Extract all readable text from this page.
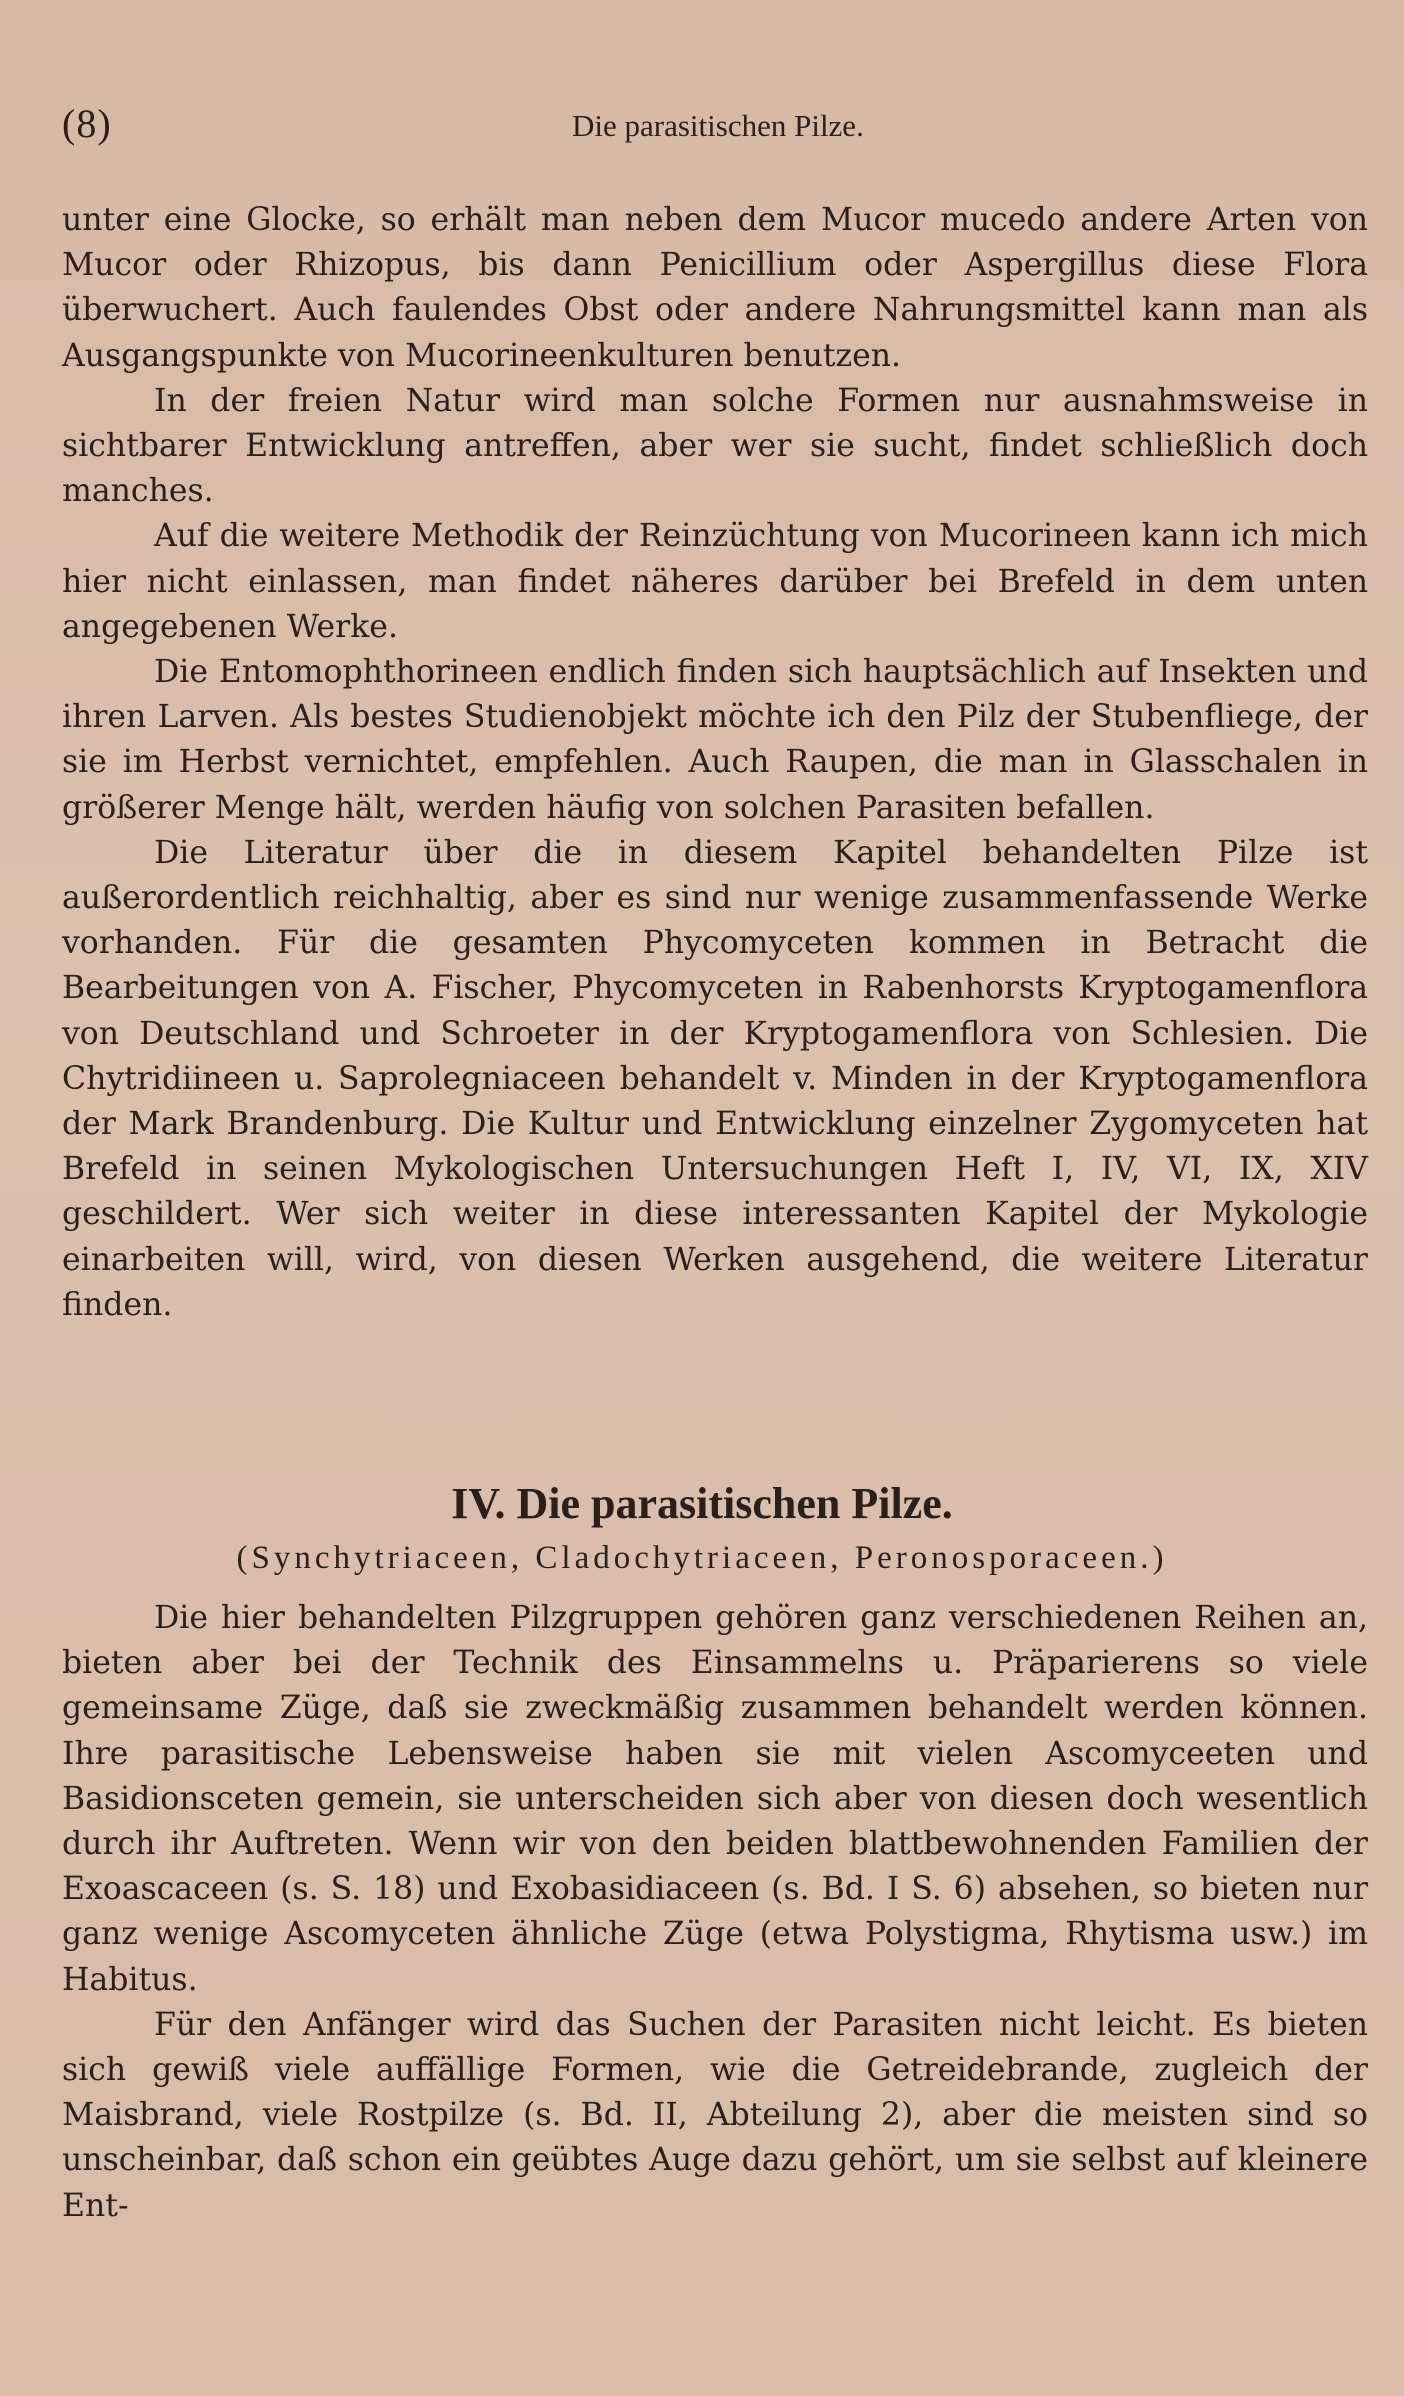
(8)	Die parasitischen Pilze.

unter eine Glocke, so erhält man neben dem Mucor mucedo andere Arten von Mucor oder Rhizopus, bis dann Penicillium oder Aspergillus diese Flora überwuchert. Auch faulendes Obst oder andere Nahrungsmittel kann man als Ausgangspunkte von Mucorineenkulturen benutzen.

In der freien Natur wird man solche Formen nur ausnahmsweise in sichtbarer Entwicklung antreffen, aber wer sie sucht, findet schließlich doch manches.

Auf die weitere Methodik der Reinzüchtung von Mucorineen kann ich mich hier nicht einlassen, man findet näheres darüber bei Brefeld in dem unten angegebenen Werke.

Die Entomophthorineen endlich finden sich hauptsächlich auf Insekten und ihren Larven. Als bestes Studienobjekt möchte ich den Pilz der Stubenfliege, der sie im Herbst vernichtet, empfehlen. Auch Raupen, die man in Glasschalen in größerer Menge hält, werden häufig von solchen Parasiten befallen.

Die Literatur über die in diesem Kapitel behandelten Pilze ist außerordentlich reichhaltig, aber es sind nur wenige zusammenfassende Werke vorhanden. Für die gesamten Phycomyceten kommen in Betracht die Bearbeitungen von A. Fischer, Phycomyceten in Rabenhorsts Kryptogamenflora von Deutschland und Schroeter in der Kryptogamenflora von Schlesien. Die Chytridiineen u. Saprolegniaceen behandelt v. Minden in der Kryptogamenflora der Mark Brandenburg. Die Kultur und Entwicklung einzelner Zygomyceten hat Brefeld in seinen Mykologischen Untersuchungen Heft I, IV, VI, IX, XIV geschildert. Wer sich weiter in diese interessanten Kapitel der Mykologie einarbeiten will, wird, von diesen Werken ausgehend, die weitere Literatur finden.

IV. Die parasitischen Pilze.
(Synchytriaceen, Cladochytriaceen, Peronosporaceen.)

Die hier behandelten Pilzgruppen gehören ganz verschiedenen Reihen an, bieten aber bei der Technik des Einsammelns u. Präparierens so viele gemeinsame Züge, daß sie zweckmäßig zusammen behandelt werden können. Ihre parasitische Lebensweise haben sie mit vielen Ascomyceeten und Basidionsceten gemein, sie unterscheiden sich aber von diesen doch wesentlich durch ihr Auftreten. Wenn wir von den beiden blattbewohnenden Familien der Exoascaceen (s. S. 18) und Exobasidiaceen (s. Bd. I S. 6) absehen, so bieten nur ganz wenige Ascomyceten ähnliche Züge (etwa Polystigma, Rhytisma usw.) im Habitus.

Für den Anfänger wird das Suchen der Parasiten nicht leicht. Es bieten sich gewiß viele auffällige Formen, wie die Getreidebrande, zugleich der Maisbrand, viele Rostpilze (s. Bd. II, Abteilung 2), aber die meisten sind so unscheinbar, daß schon ein geübtes Auge dazu gehört, um sie selbst auf kleinere Ent-
